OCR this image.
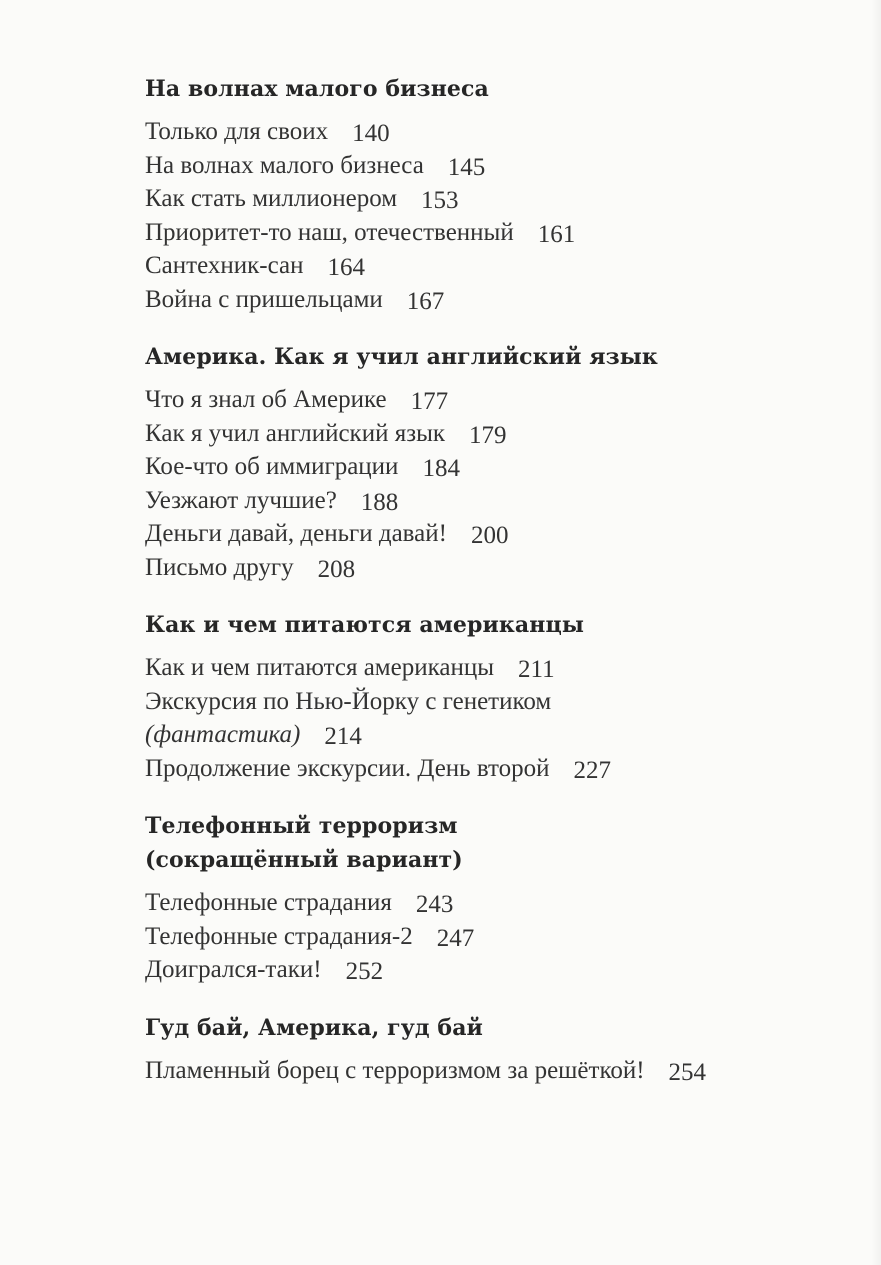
На волнах малого бизнеса
Только для своих 140
На волнах малого бизнеса 145
Как стать миллионером 153
Приоритет-то наш, отечественный 161
Сантехник-сан 164
Война с пришельцами 167
Америка. Как я учил английский язык
Что я знал об Америке 177
Как я учил английский язык 179
Кое-что об иммиграции 184
Уезжают лучшие? 188
Деньги давай, деньги давай! 200
Письмо другу 208
Как и чем питаются американцы
Как и чем питаются американцы 211
Экскурсия по Нью-Йорку с генетиком
(фантастика) 214
Продолжение экскурсии. День второй 227
Телефонный терроризм
(сокращённый вариант)
Телефонные страдания 243
Телефонные страдания-2 247
Доигрался-таки! 252
Гуд бай, Америка, гуд бай
Пламенный борец с терроризмом за решёткой! 254
